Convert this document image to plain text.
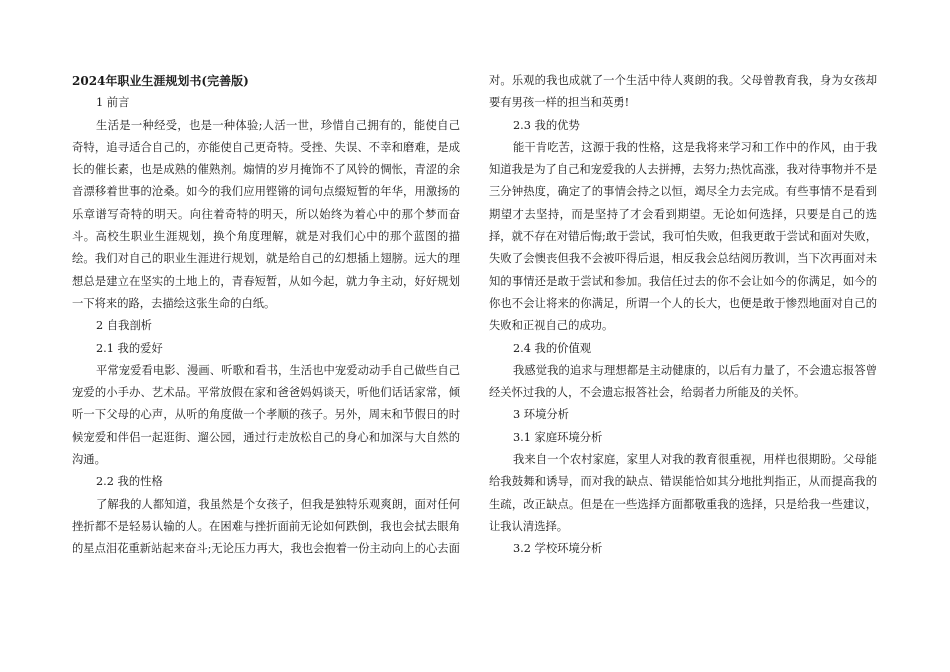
2024年职业生涯规划书(完善版)
1 前言

生活是一种经受，也是一种体验;人活一世，珍惜自己拥有的，能使自己奇特，追寻适合自己的，亦能使自己更奇特。受挫、失误、不幸和磨难，是成长的催长素，也是成熟的催熟剂。煽情的岁月掩饰不了风铃的惆怅，青涩的余音漂移着世事的沧桑。如今的我们应用铿锵的词句点缀短暂的年华，用激扬的乐章谱写奇特的明天。向往着奇特的明天，所以始终为着心中的那个梦而奋斗。高校生职业生涯规划，换个角度理解，就是对我们心中的那个蓝图的描绘。我们对自己的职业生涯进行规划，就是给自己的幻想插上翅膀。远大的理想总是建立在坚实的土地上的，青春短暂，从如今起，就力争主动，好好规划一下将来的路，去描绘这张生命的白纸。

2 自我剖析
2.1 我的爱好

平常宠爱看电影、漫画、听歌和看书，生活也中宠爱动动手自己做些自己宠爱的小手办、艺术品。平常放假在家和爸爸妈妈谈天，听他们话话家常，倾听一下父母的心声，从听的角度做一个孝顺的孩子。另外，周末和节假日的时候宠爱和伴侣一起逛街、遛公园，通过行走放松自己的身心和加深与大自然的沟通。

2.2 我的性格

了解我的人都知道，我虽然是个女孩子，但我是独特乐观爽朗，面对任何挫折都不是轻易认输的人。在困难与挫折面前无论如何跌倒，我也会拭去眼角的星点泪花重新站起来奋斗;无论压力再大，我也会抱着一份主动向上的心去面

对。乐观的我也成就了一个生活中待人爽朗的我。父母曾教育我，身为女孩却要有男孩一样的担当和英勇!

2.3 我的优势

能干肯吃苦，这源于我的性格，这是我将来学习和工作中的作风，由于我知道我是为了自己和宠爱我的人去拼搏，去努力;热忱高涨，我对待事物并不是三分钟热度，确定了的事情会持之以恒，竭尽全力去完成。有些事情不是看到期望才去坚持，而是坚持了才会看到期望。无论如何选择，只要是自己的选择，就不存在对错后悔;敢于尝试，我可怕失败，但我更敢于尝试和面对失败，失败了会懊丧但我不会被吓得后退，相反我会总结阅历教训，当下次再面对未知的事情还是敢于尝试和参加。我信任过去的你不会让如今的你满足，如今的你也不会让将来的你满足，所谓一个人的长大，也便是敢于惨烈地面对自己的失败和正视自己的成功。

2.4 我的价值观

我感觉我的追求与理想都是主动健康的，以后有力量了，不会遗忘报答曾经关怀过我的人，不会遗忘报答社会，给弱者力所能及的关怀。

3 环境分析
3.1 家庭环境分析

我来自一个农村家庭，家里人对我的教育很重视，用样也很期盼。父母能给我鼓舞和诱导，而对我的缺点、错误能恰如其分地批判指正，从而提高我的生疏，改正缺点。但是在一些选择方面都敬重我的选择，只是给我一些建议，让我认清选择。

3.2 学校环境分析
